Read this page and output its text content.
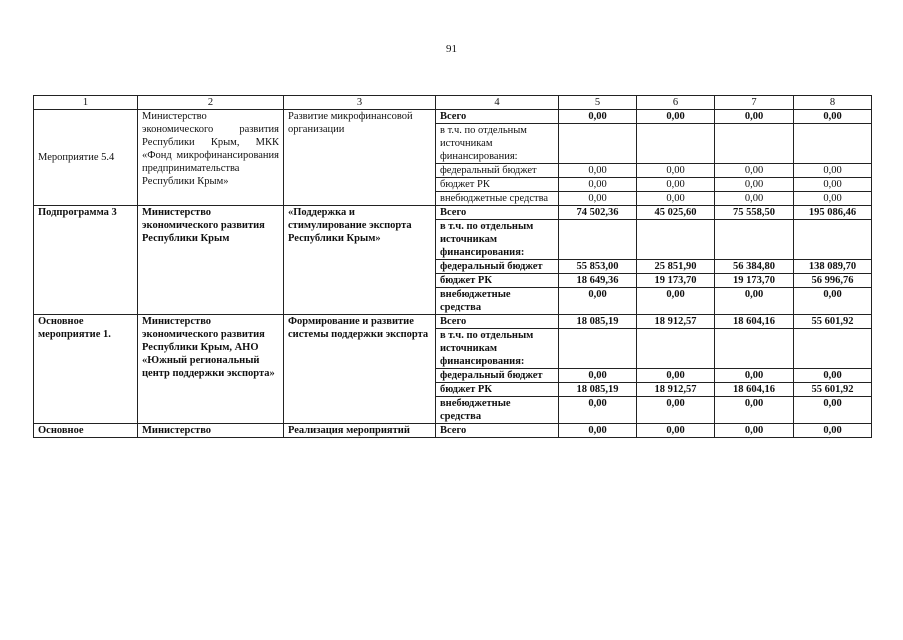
91
1	2	3	4	5	6	7	8
Мероприятие 5.4	Министерство экономического развития Республики Крым, МКК «Фонд микрофинансирования предпринимательства Республики Крым»	Развитие микрофинансовой организации	Всего	0,00	0,00	0,00	0,00
			в т.ч. по отдельным источникам финансирования:				
			федеральный бюджет	0,00	0,00	0,00	0,00
			бюджет РК	0,00	0,00	0,00	0,00
			внебюджетные средства	0,00	0,00	0,00	0,00
Подпрограмма 3	Министерство экономического развития Республики Крым	«Поддержка и стимулирование экспорта Республики Крым»	Всего	74 502,36	45 025,60	75 558,50	195 086,46
			в т.ч. по отдельным источникам финансирования:				
			федеральный бюджет	55 853,00	25 851,90	56 384,80	138 089,70
			бюджет РК	18 649,36	19 173,70	19 173,70	56 996,76
			внебюджетные средства	0,00	0,00	0,00	0,00
Основное мероприятие 1.	Министерство экономического развития Республики Крым, АНО «Южный региональный центр поддержки экспорта»	Формирование и развитие системы поддержки экспорта	Всего	18 085,19	18 912,57	18 604,16	55 601,92
			в т.ч. по отдельным источникам финансирования:				
			федеральный бюджет	0,00	0,00	0,00	0,00
			бюджет РК	18 085,19	18 912,57	18 604,16	55 601,92
			внебюджетные средства	0,00	0,00	0,00	0,00
Основное	Министерство	Реализация мероприятий	Всего	0,00	0,00	0,00	0,00
